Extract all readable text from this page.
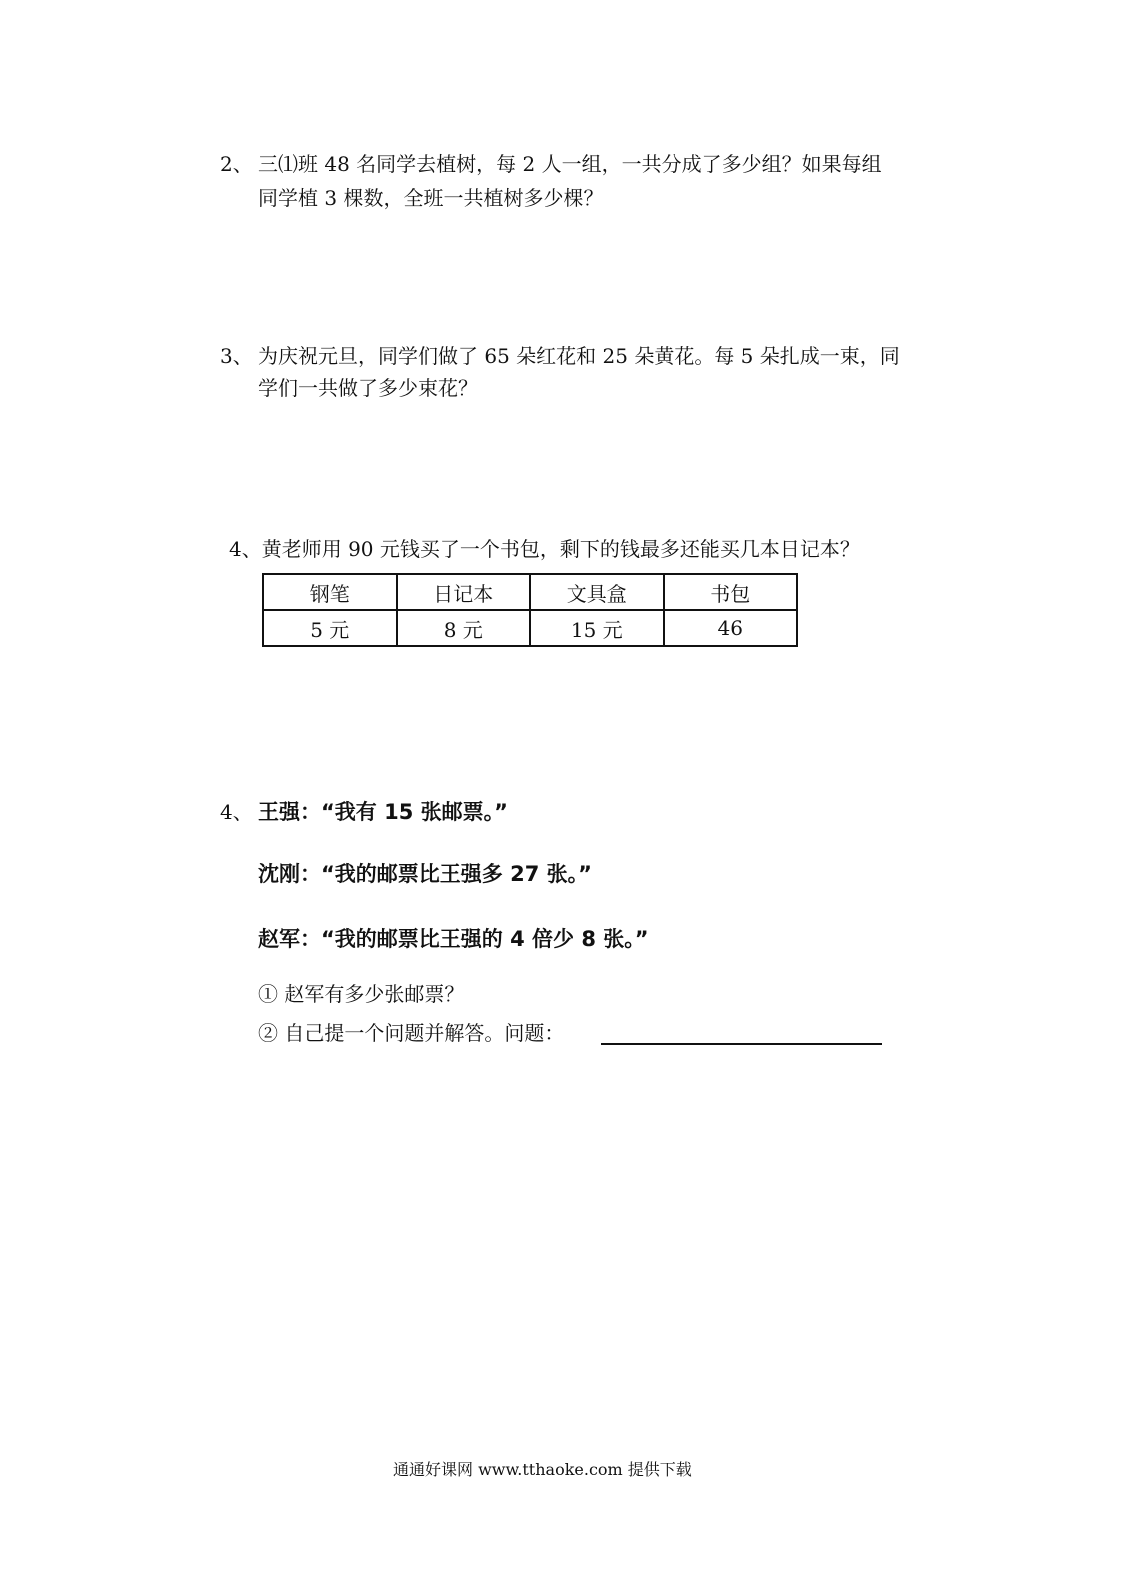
2、 三⑴班 48 名同学去植树，每 2 人一组，一共分成了多少组？如果每组
同学植 3 棵数，全班一共植树多少棵？
3、 为庆祝元旦，同学们做了 65 朵红花和 25 朵黄花。每 5 朵扎成一束，同
学们一共做了多少束花？
4、黄老师用 90 元钱买了一个书包，剩下的钱最多还能买几本日记本？
钢笔	日记本	文具盒	书包
5 元	8 元	15 元	46
4、 王强：“我有 15 张邮票。”
沈刚：“我的邮票比王强多 27 张。”
赵军：“我的邮票比王强的 4 倍少 8 张。”
① 赵军有多少张邮票？
② 自己提一个问题并解答。问题：
通通好课网 www.tthaoke.com 提供下载
